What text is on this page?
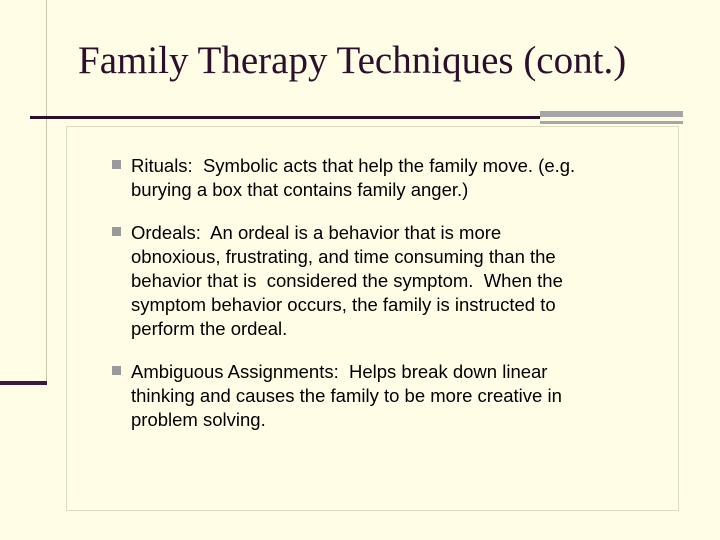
Family Therapy Techniques (cont.)
Rituals:  Symbolic acts that help the family move. (e.g.
burying a box that contains family anger.)
Ordeals:  An ordeal is a behavior that is more
obnoxious, frustrating, and time consuming than the
behavior that is  considered the symptom.  When the
symptom behavior occurs, the family is instructed to
perform the ordeal.
Ambiguous Assignments:  Helps break down linear
thinking and causes the family to be more creative in
problem solving.
